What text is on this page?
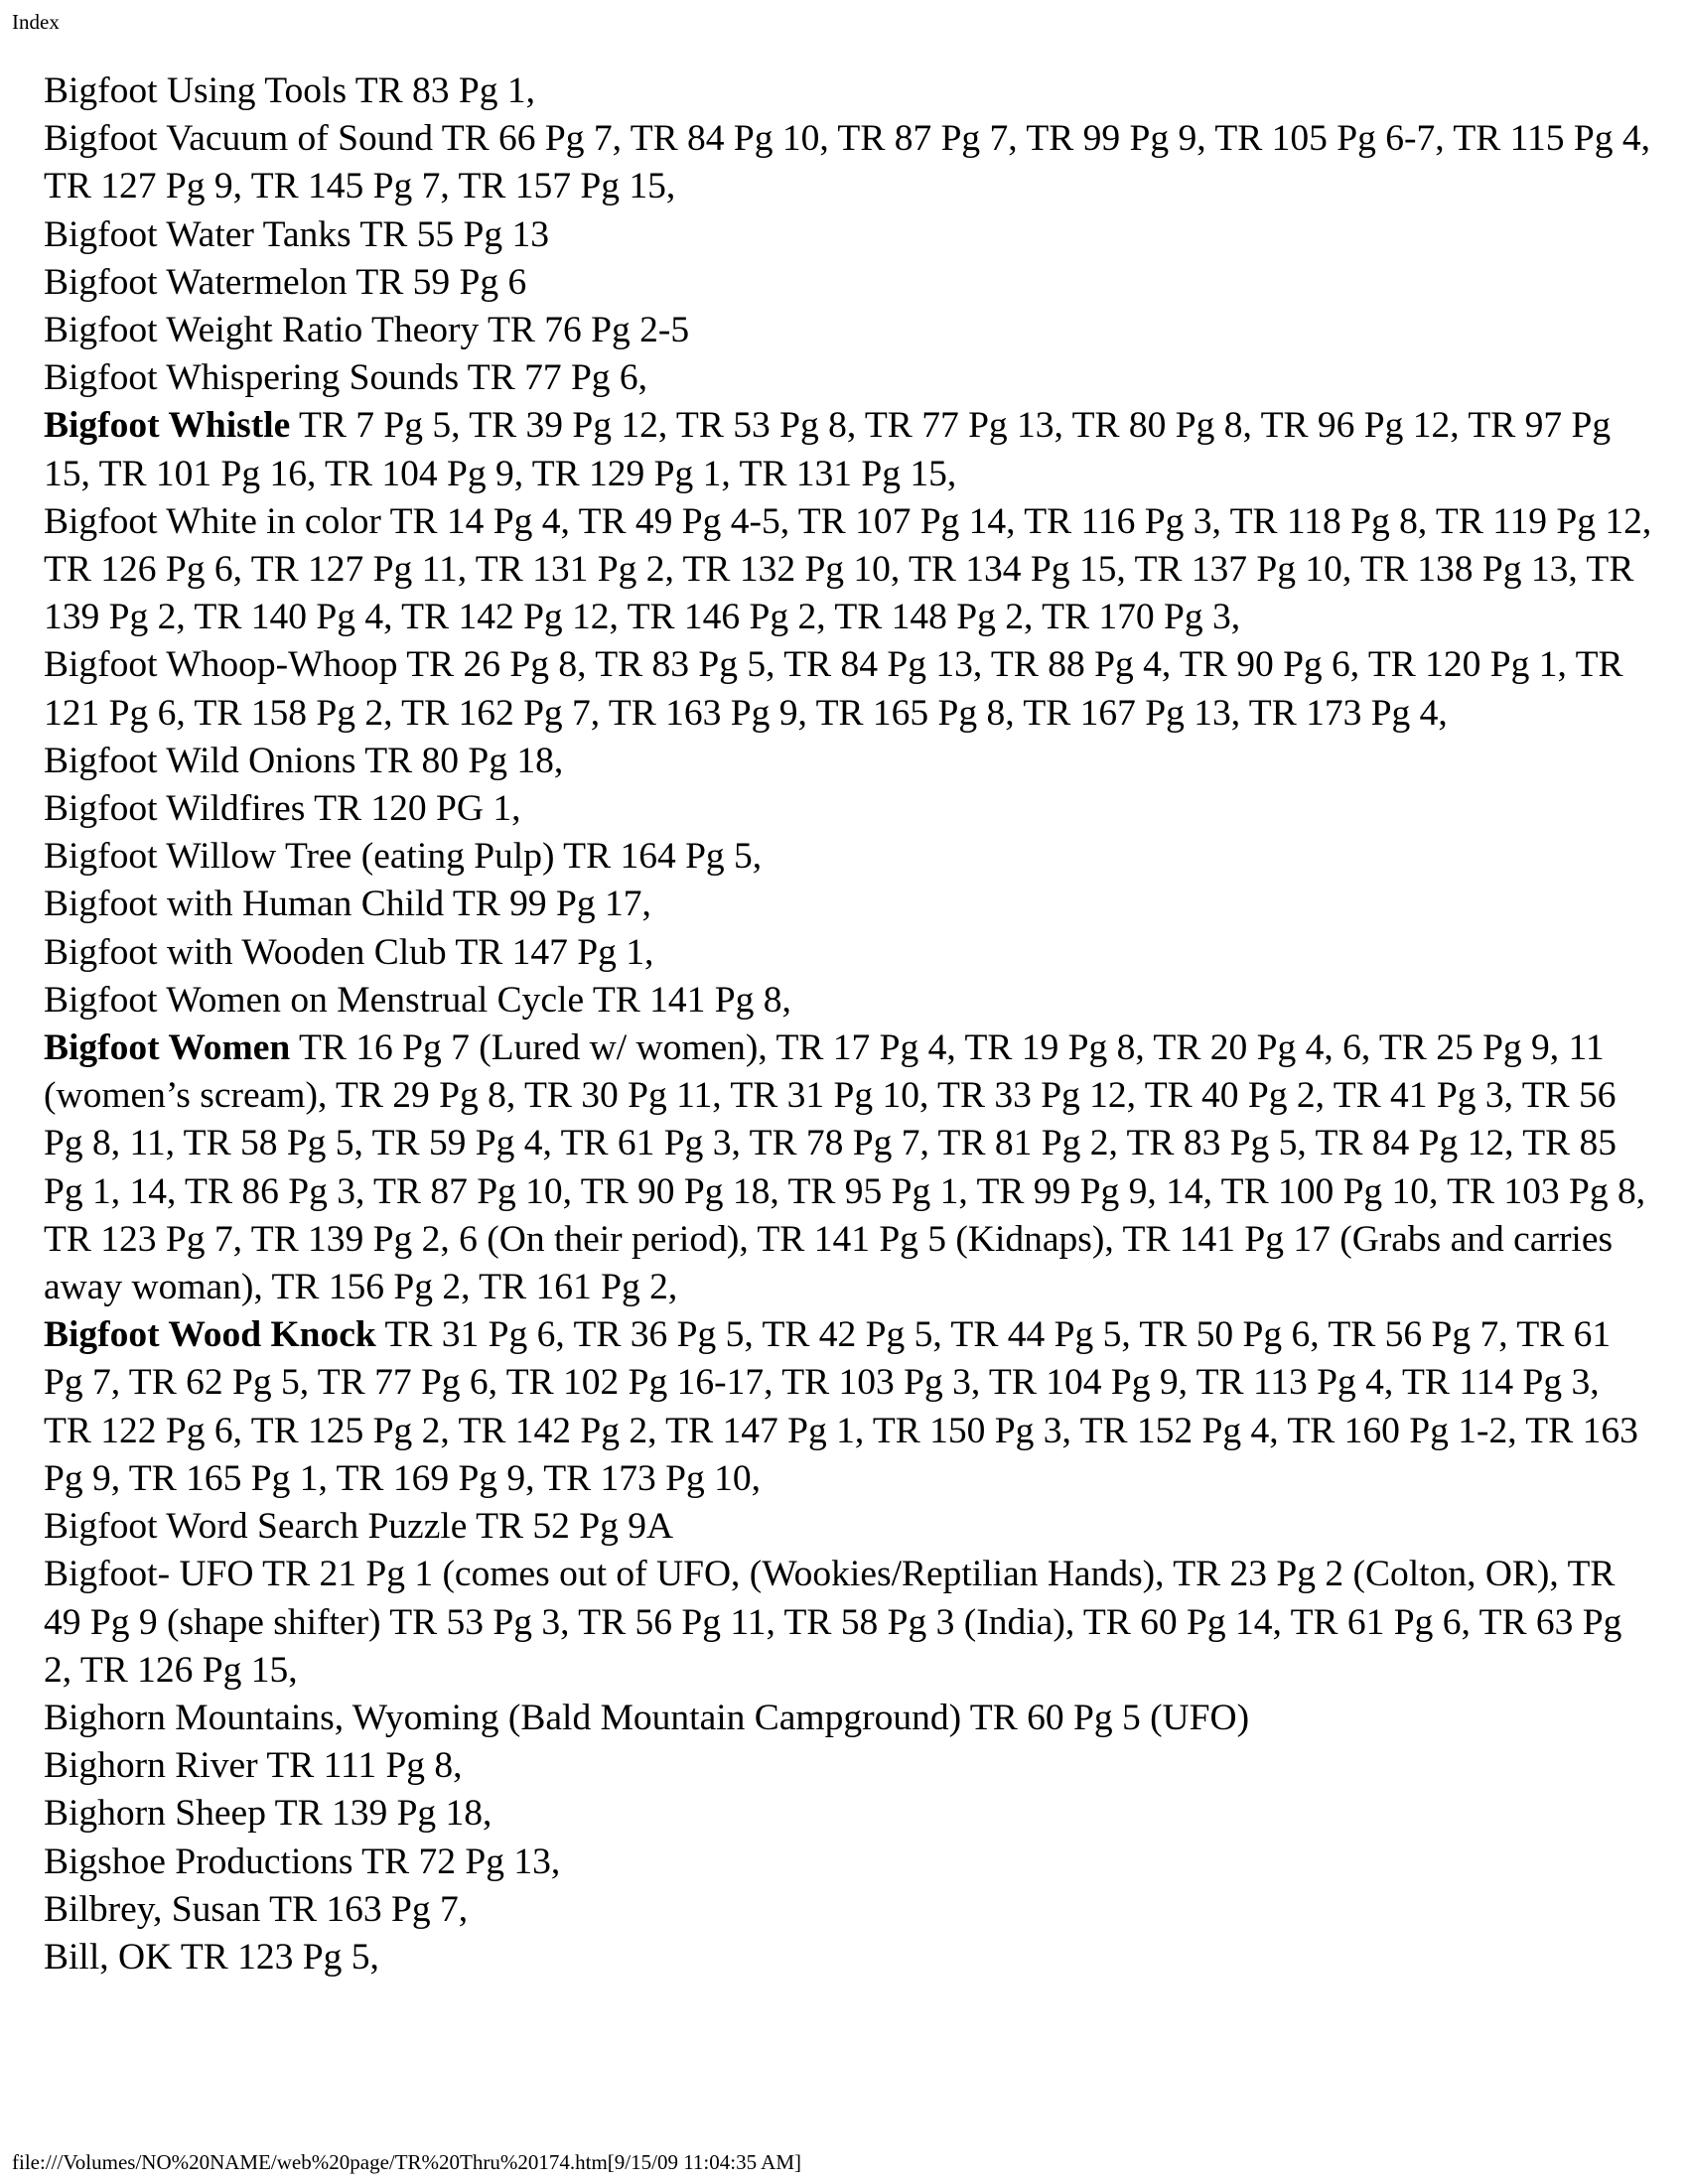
Index
Bigfoot Using Tools TR 83 Pg 1,
Bigfoot Vacuum of Sound TR 66 Pg 7, TR 84 Pg 10, TR 87 Pg 7, TR 99 Pg 9, TR 105 Pg 6-7, TR 115 Pg 4, TR 127 Pg 9, TR 145 Pg 7, TR 157 Pg 15,
Bigfoot Water Tanks TR 55 Pg 13
Bigfoot Watermelon TR 59 Pg 6
Bigfoot Weight Ratio Theory TR 76 Pg 2-5
Bigfoot Whispering Sounds TR 77 Pg 6,
Bigfoot Whistle TR 7 Pg 5, TR 39 Pg 12, TR 53 Pg 8, TR 77 Pg 13, TR 80 Pg 8, TR 96 Pg 12, TR 97 Pg 15, TR 101 Pg 16, TR 104 Pg 9, TR 129 Pg 1, TR 131 Pg 15,
Bigfoot White in color TR 14 Pg 4, TR 49 Pg 4-5, TR 107 Pg 14, TR 116 Pg 3, TR 118 Pg 8, TR 119 Pg 12, TR 126 Pg 6, TR 127 Pg 11, TR 131 Pg 2, TR 132 Pg 10, TR 134 Pg 15, TR 137 Pg 10, TR 138 Pg 13, TR 139 Pg 2, TR 140 Pg 4, TR 142 Pg 12, TR 146 Pg 2, TR 148 Pg 2, TR 170 Pg 3,
Bigfoot Whoop-Whoop TR 26 Pg 8, TR 83 Pg 5, TR 84 Pg 13, TR 88 Pg 4, TR 90 Pg 6, TR 120 Pg 1, TR 121 Pg 6, TR 158 Pg 2, TR 162 Pg 7, TR 163 Pg 9, TR 165 Pg 8, TR 167 Pg 13, TR 173 Pg 4,
Bigfoot Wild Onions TR 80 Pg 18,
Bigfoot Wildfires TR 120 PG 1,
Bigfoot Willow Tree (eating Pulp) TR 164 Pg 5,
Bigfoot with Human Child TR 99 Pg 17,
Bigfoot with Wooden Club TR 147 Pg 1,
Bigfoot Women on Menstrual Cycle TR 141 Pg 8,
Bigfoot Women TR 16 Pg 7 (Lured w/ women), TR 17 Pg 4, TR 19 Pg 8, TR 20 Pg 4, 6, TR 25 Pg 9, 11 (women’s scream), TR 29 Pg 8, TR 30 Pg 11, TR 31 Pg 10, TR 33 Pg 12, TR 40 Pg 2, TR 41 Pg 3, TR 56 Pg 8, 11, TR 58 Pg 5, TR 59 Pg 4, TR 61 Pg 3, TR 78 Pg 7, TR 81 Pg 2, TR 83 Pg 5, TR 84 Pg 12, TR 85 Pg 1, 14, TR 86 Pg 3, TR 87 Pg 10, TR 90 Pg 18, TR 95 Pg 1, TR 99 Pg 9, 14, TR 100 Pg 10, TR 103 Pg 8, TR 123 Pg 7, TR 139 Pg 2, 6 (On their period), TR 141 Pg 5 (Kidnaps), TR 141 Pg 17 (Grabs and carries away woman), TR 156 Pg 2, TR 161 Pg 2,
Bigfoot Wood Knock TR 31 Pg 6, TR 36 Pg 5, TR 42 Pg 5, TR 44 Pg 5, TR 50 Pg 6, TR 56 Pg 7, TR 61 Pg 7, TR 62 Pg 5, TR 77 Pg 6, TR 102 Pg 16-17, TR 103 Pg 3, TR 104 Pg 9, TR 113 Pg 4, TR 114 Pg 3, TR 122 Pg 6, TR 125 Pg 2, TR 142 Pg 2, TR 147 Pg 1, TR 150 Pg 3, TR 152 Pg 4, TR 160 Pg 1-2, TR 163 Pg 9, TR 165 Pg 1, TR 169 Pg 9, TR 173 Pg 10,
Bigfoot Word Search Puzzle TR 52 Pg 9A
Bigfoot- UFO TR 21 Pg 1 (comes out of UFO, (Wookies/Reptilian Hands), TR 23 Pg 2 (Colton, OR), TR 49 Pg 9 (shape shifter) TR 53 Pg 3, TR 56 Pg 11, TR 58 Pg 3 (India), TR 60 Pg 14, TR 61 Pg 6, TR 63 Pg 2, TR 126 Pg 15,
Bighorn Mountains, Wyoming (Bald Mountain Campground) TR 60 Pg 5 (UFO)
Bighorn River TR 111 Pg 8,
Bighorn Sheep TR 139 Pg 18,
Bigshoe Productions TR 72 Pg 13,
Bilbrey, Susan TR 163 Pg 7,
Bill, OK TR 123 Pg 5,
file:///Volumes/NO%20NAME/web%20page/TR%20Thru%20174.htm[9/15/09 11:04:35 AM]
